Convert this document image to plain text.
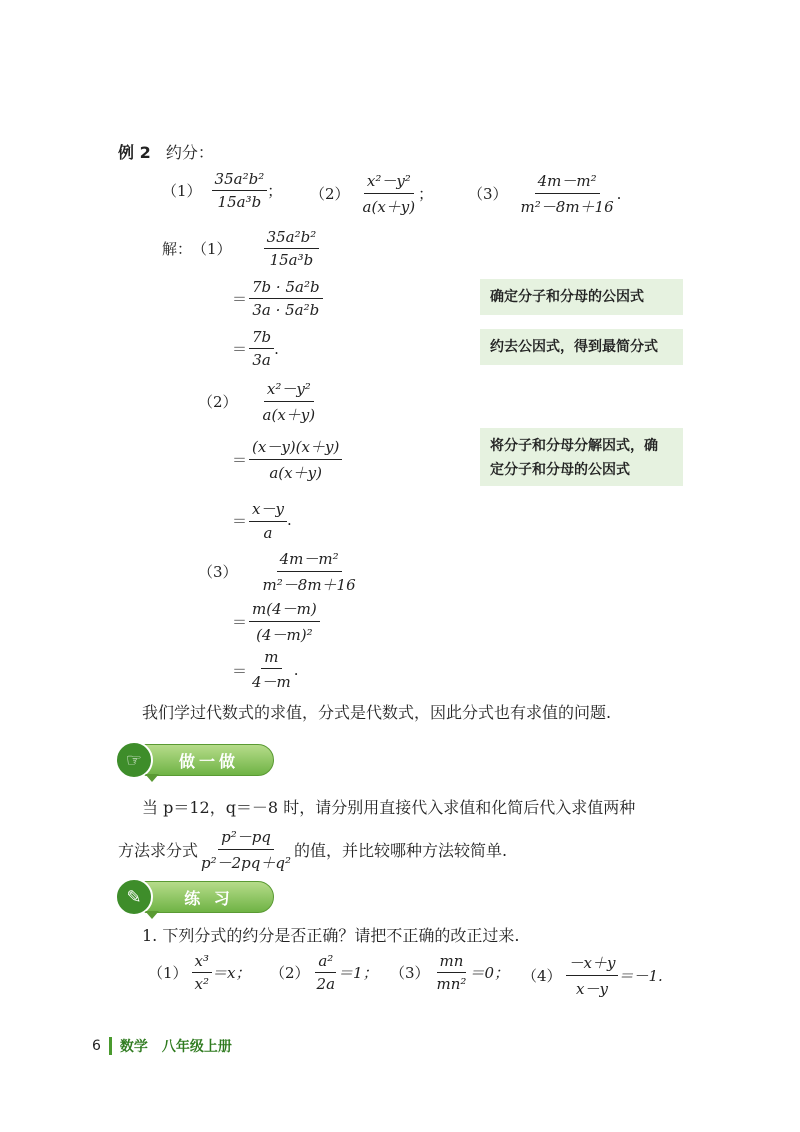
例 2 约分：
$(1) \frac{\text{35a²b²}}{\text{15a³b}}$ ； $(2) \frac{\text{x²－y²}}{a(x+y)}$ ； $(3) \frac{\text{4m－m²}}{\text{m²－8m＋16}}$ .
解： $(1) \frac{\text{35a²b²}}{\text{15a³b}}$
＝ $\frac{\text{7b · 5a²b}}{\text{3a · 5a²b}}$
＝ $\frac{7b}{3a}$ .
$(2) \frac{\text{x²－y²}}{a(x+y)}$
＝ $\frac{(x-y)(x+y)}{a(x+y)}$
＝ $\frac{x-y}{a}$ .
$(3) \frac{\text{4m－m²}}{\text{m²－8m＋16}}$
＝ $\frac{m(4-m)}{\text{(4－m)²}}$
＝ $\frac{m}{4-m}$ .
确定分子和分母的公因式
约去公因式，得到最简分式
将分子和分母分解因式，确
定分子和分母的公因式
我们学过代数式的求值，分式是代数式，因此分式也有求值的问题.
☞	做一做
当 p＝12，q＝－8 时，请分别用直接代入求值和化简后代入求值两种
方法求分式 $\frac{\text{p²－pq}}{\text{p²－2pq＋q²}}$ 的值，并比较哪种方法较简单.
✎	练 习
1. 下列分式的约分是否正确？请把不正确的改正过来.
$(1) \frac{\text{x³}}{\text{x²}} =x$； $(2) \frac{\text{a²}}{2a} =1$； $(3) \frac{mn}{\text{mn²}} =0$； $(4) \frac{-x+y}{x-y} =-1$.
6 数学　八年级上册
